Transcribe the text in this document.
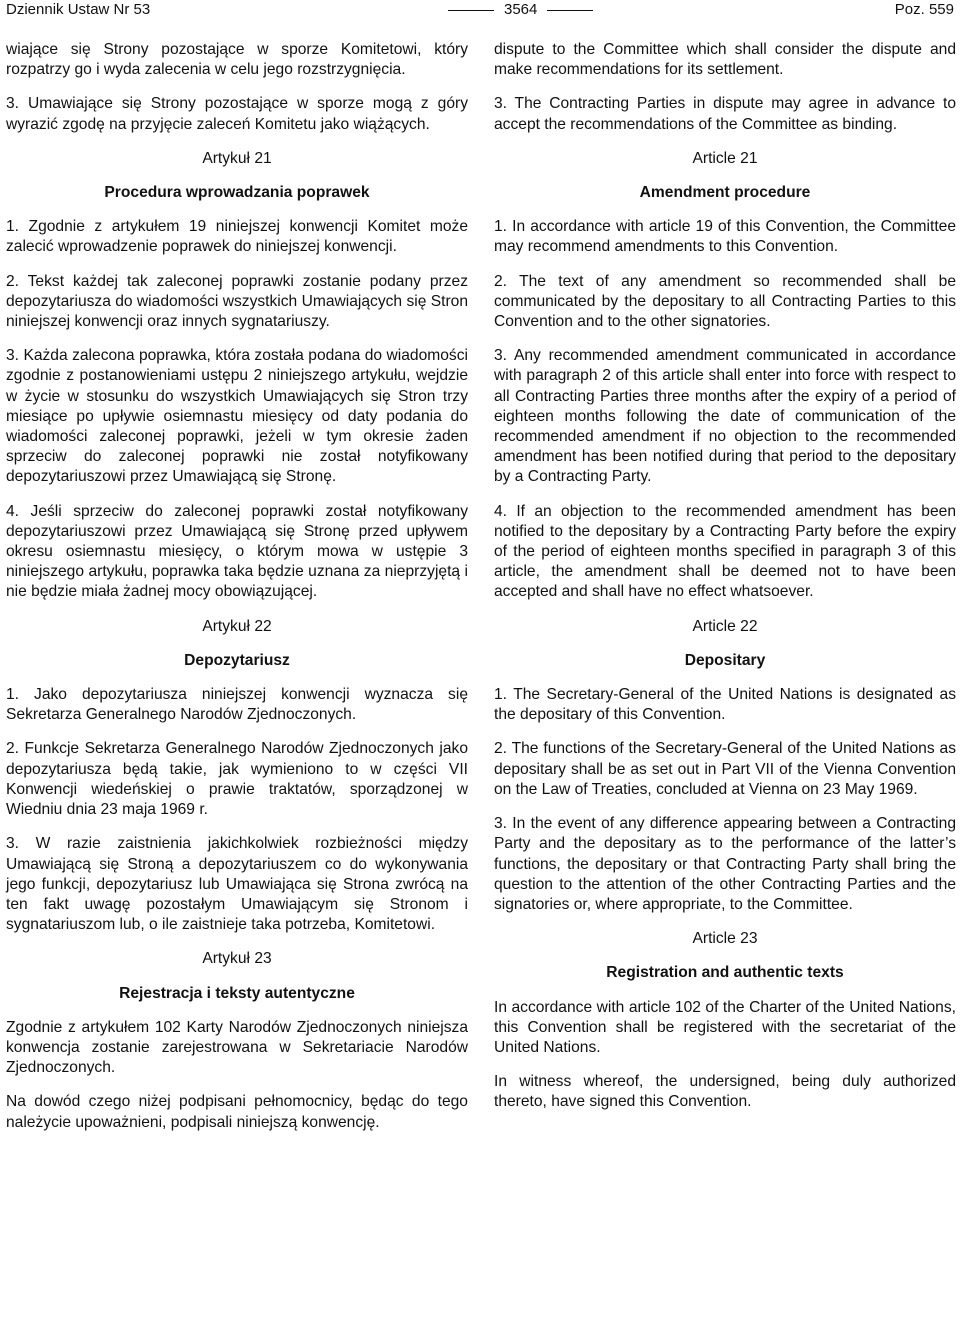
Dziennik Ustaw Nr 53	3564	Poz. 559

wiające się Strony pozostające w sporze Komitetowi, który rozpatrzy go i wyda zalecenia w celu jego rozstrzygnięcia.

3. Umawiające się Strony pozostające w sporze mogą z góry wyrazić zgodę na przyjęcie zaleceń Komitetu jako wiążących.

Artykuł 21
Procedura wprowadzania poprawek

1. Zgodnie z artykułem 19 niniejszej konwencji Komitet może zalecić wprowadzenie poprawek do niniejszej konwencji.

2. Tekst każdej tak zaleconej poprawki zostanie podany przez depozytariusza do wiadomości wszystkich Umawiających się Stron niniejszej konwencji oraz innych sygnatariuszy.

3. Każda zalecona poprawka, która została podana do wiadomości zgodnie z postanowieniami ustępu 2 niniejszego artykułu, wejdzie w życie w stosunku do wszystkich Umawiających się Stron trzy miesiące po upływie osiemnastu miesięcy od daty podania do wiadomości zaleconej poprawki, jeżeli w tym okresie żaden sprzeciw do zaleconej poprawki nie został notyfikowany depozytariuszowi przez Umawiającą się Stronę.

4. Jeśli sprzeciw do zaleconej poprawki został notyfikowany depozytariuszowi przez Umawiającą się Stronę przed upływem okresu osiemnastu miesięcy, o którym mowa w ustępie 3 niniejszego artykułu, poprawka taka będzie uznana za nieprzyjętą i nie będzie miała żadnej mocy obowiązującej.

Artykuł 22
Depozytariusz

1. Jako depozytariusza niniejszej konwencji wyznacza się Sekretarza Generalnego Narodów Zjednoczonych.

2. Funkcje Sekretarza Generalnego Narodów Zjednoczonych jako depozytariusza będą takie, jak wymieniono to w części VII Konwencji wiedeńskiej o prawie traktatów, sporządzonej w Wiedniu dnia 23 maja 1969 r.

3. W razie zaistnienia jakichkolwiek rozbieżności między Umawiającą się Stroną a depozytariuszem co do wykonywania jego funkcji, depozytariusz lub Umawiająca się Strona zwrócą na ten fakt uwagę pozostałym Umawiającym się Stronom i sygnatariuszom lub, o ile zaistnieje taka potrzeba, Komitetowi.

Artykuł 23
Rejestracja i teksty autentyczne

Zgodnie z artykułem 102 Karty Narodów Zjednoczonych niniejsza konwencja zostanie zarejestrowana w Sekretariacie Narodów Zjednoczonych.

Na dowód czego niżej podpisani pełnomocnicy, będąc do tego należycie upoważnieni, podpisali niniejszą konwencję.

dispute to the Committee which shall consider the dispute and make recommendations for its settlement.

3. The Contracting Parties in dispute may agree in advance to accept the recommendations of the Committee as binding.

Article 21
Amendment procedure

1. In accordance with article 19 of this Convention, the Committee may recommend amendments to this Convention.

2. The text of any amendment so recommended shall be communicated by the depositary to all Contracting Parties to this Convention and to the other signatories.

3. Any recommended amendment communicated in accordance with paragraph 2 of this article shall enter into force with respect to all Contracting Parties three months after the expiry of a period of eighteen months following the date of communication of the recommended amendment if no objection to the recommended amendment has been notified during that period to the depositary by a Contracting Party.

4. If an objection to the recommended amendment has been notified to the depositary by a Contracting Party before the expiry of the period of eighteen months specified in paragraph 3 of this article, the amendment shall be deemed not to have been accepted and shall have no effect whatsoever.

Article 22
Depositary

1. The Secretary-General of the United Nations is designated as the depositary of this Convention.

2. The functions of the Secretary-General of the United Nations as depositary shall be as set out in Part VII of the Vienna Convention on the Law of Treaties, concluded at Vienna on 23 May 1969.

3. In the event of any difference appearing between a Contracting Party and the depositary as to the performance of the latter’s functions, the depositary or that Contracting Party shall bring the question to the attention of the other Contracting Parties and the signatories or, where appropriate, to the Committee.

Article 23
Registration and authentic texts

In accordance with article 102 of the Charter of the United Nations, this Convention shall be registered with the secretariat of the United Nations.

In witness whereof, the undersigned, being duly authorized thereto, have signed this Convention.
